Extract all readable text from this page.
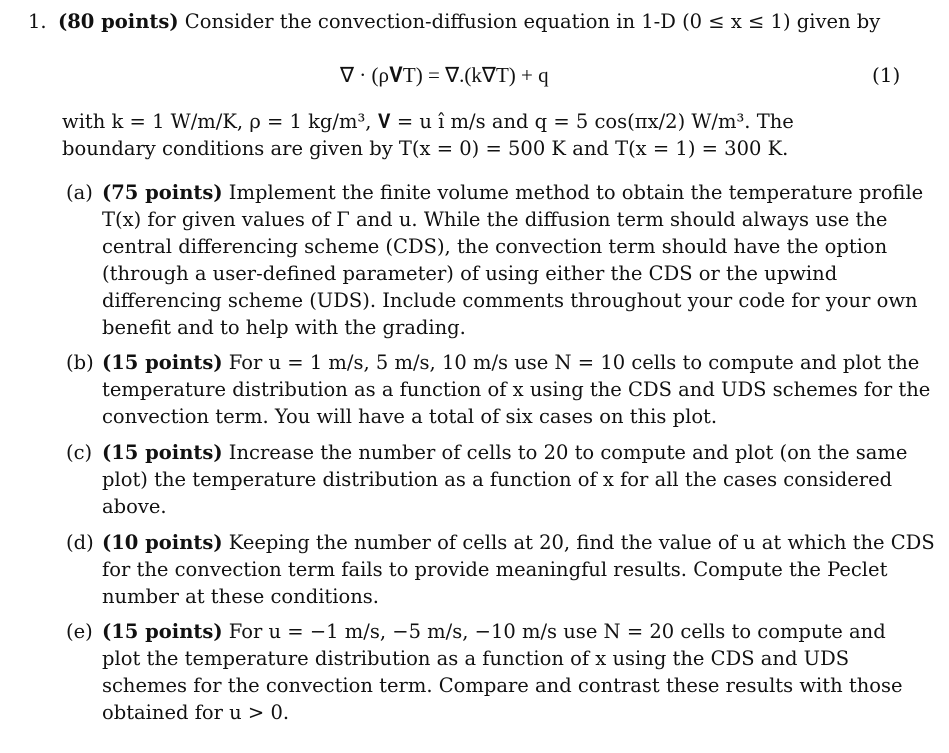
1. (80 points) Consider the convection-diffusion equation in 1-D (0 ≤ x ≤ 1) given by
∇ · (ρ𝐕T) = ∇.(k∇T) + q	(1)
with k = 1 W/m/K, ρ = 1 kg/m³, 𝐕 = u î m/s and q = 5 cos(πx/2) W/m³. The
boundary conditions are given by T(x = 0) = 500 K and T(x = 1) = 300 K.
(a) (75 points) Implement the finite volume method to obtain the temperature profile
T(x) for given values of Γ and u. While the diffusion term should always use the
central differencing scheme (CDS), the convection term should have the option
(through a user-defined parameter) of using either the CDS or the upwind
differencing scheme (UDS). Include comments throughout your code for your own
benefit and to help with the grading.
(b) (15 points) For u = 1 m/s, 5 m/s, 10 m/s use N = 10 cells to compute and plot the
temperature distribution as a function of x using the CDS and UDS schemes for the
convection term. You will have a total of six cases on this plot.
(c) (15 points) Increase the number of cells to 20 to compute and plot (on the same
plot) the temperature distribution as a function of x for all the cases considered
above.
(d) (10 points) Keeping the number of cells at 20, find the value of u at which the CDS
for the convection term fails to provide meaningful results. Compute the Peclet
number at these conditions.
(e) (15 points) For u = −1 m/s, −5 m/s, −10 m/s use N = 20 cells to compute and
plot the temperature distribution as a function of x using the CDS and UDS
schemes for the convection term. Compare and contrast these results with those
obtained for u > 0.
